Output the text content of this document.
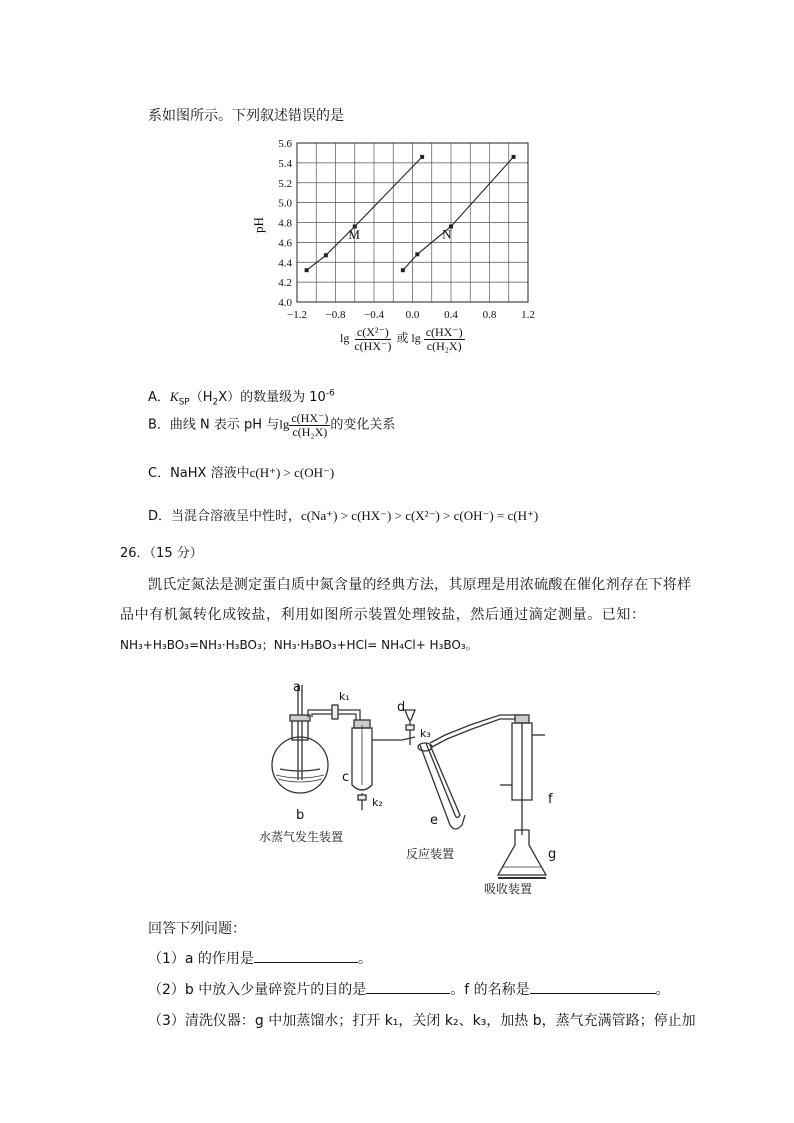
系如图所示。下列叙述错误的是
4.0
4.2
4.4
4.6
4.8
5.0
5.2
5.4
5.6
−1.2 −0.8 −0.4 0.0 0.4 0.8 1.2
M	N
pH
$\lg \frac{\text{c(X²⁻)}}{c(HX^-)}$ 或 $\lg \frac{c(HX^-)}{\text{c(H₂X)}}$
A．$K_{SP}(H_2X)$的数量级为 $10^{-6}$
B．曲线 N 表示 pH 与$\lg \frac{c(HX^-)}{\text{c(H₂X)}}$ 的变化关系
C．NaHX 溶液中c(H⁺) > c(OH⁻)
D．当混合溶液呈中性时，c(Na⁺) > c(HX⁻) > c(X²⁻) > c(OH⁻) = c(H⁺)
26．（15 分）
凯氏定氮法是测定蛋白质中氮含量的经典方法，其原理是用浓硫酸在催化剂存在下将样
品中有机氮转化成铵盐，利用如图所示装置处理铵盐，然后通过滴定测量。已知：
NH₃+H₃BO₃=NH₃·H₃BO₃；NH₃·H₃BO₃+HCl= NH₄Cl+ H₃BO₃。
a
k₁
d
k₃
c
k₂
b	e
f
g
水蒸气发生装置
反应装置
吸收装置
回答下列问题：
（1）a 的作用是	。
（2）b 中放入少量碎瓷片的目的是	。f 的名称是	。
（3）清洗仪器：g 中加蒸馏水；打开 k₁，关闭 k₂、k₃，加热 b，蒸气充满管路；停止加
